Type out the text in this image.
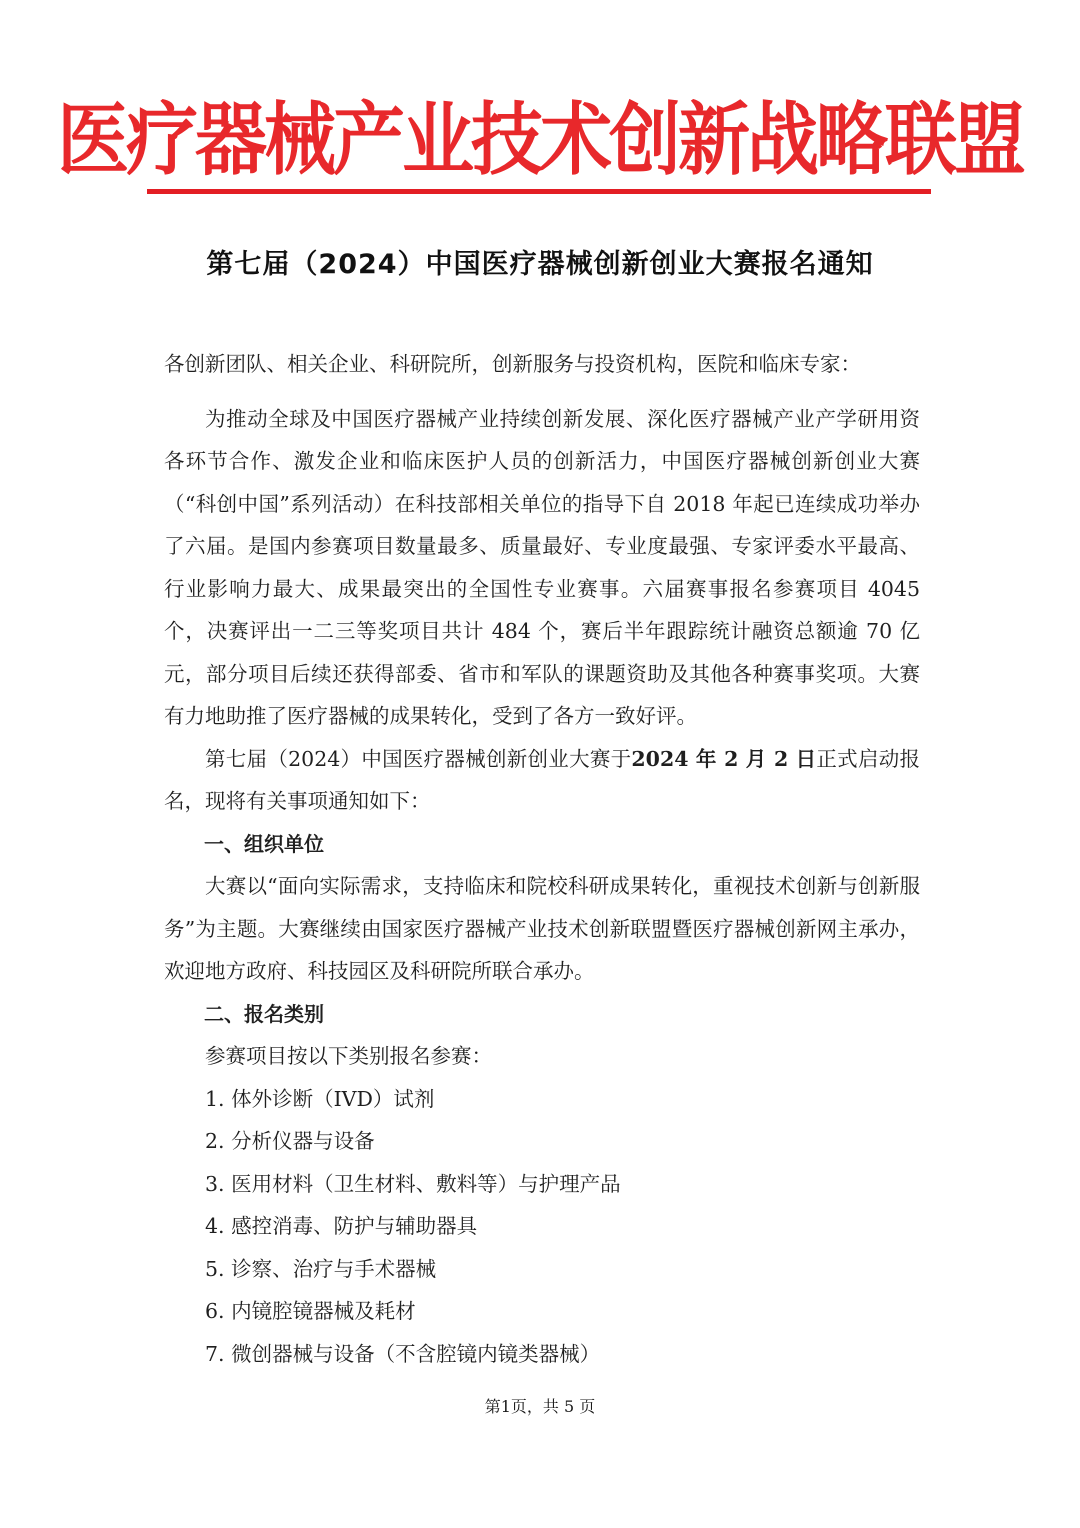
医疗器械产业技术创新战略联盟
第七届（2024）中国医疗器械创新创业大赛报名通知

各创新团队、相关企业、科研院所，创新服务与投资机构，医院和临床专家：

为推动全球及中国医疗器械产业持续创新发展、深化医疗器械产业产学研用资各环节合作、激发企业和临床医护人员的创新活力，中国医疗器械创新创业大赛（“科创中国”系列活动）在科技部相关单位的指导下自 2018 年起已连续成功举办了六届。是国内参赛项目数量最多、质量最好、专业度最强、专家评委水平最高、行业影响力最大、成果最突出的全国性专业赛事。六届赛事报名参赛项目 4045 个，决赛评出一二三等奖项目共计 484 个，赛后半年跟踪统计融资总额逾 70 亿元，部分项目后续还获得部委、省市和军队的课题资助及其他各种赛事奖项。大赛有力地助推了医疗器械的成果转化，受到了各方一致好评。

第七届（2024）中国医疗器械创新创业大赛于2024 年 2 月 2 日正式启动报名，现将有关事项通知如下：

一、组织单位

大赛以“面向实际需求，支持临床和院校科研成果转化，重视技术创新与创新服务”为主题。大赛继续由国家医疗器械产业技术创新联盟暨医疗器械创新网主承办，欢迎地方政府、科技园区及科研院所联合承办。

二、报名类别

参赛项目按以下类别报名参赛：

1. 体外诊断（IVD）试剂

2. 分析仪器与设备

3. 医用材料（卫生材料、敷料等）与护理产品

4. 感控消毒、防护与辅助器具

5. 诊察、治疗与手术器械

6. 内镜腔镜器械及耗材

7. 微创器械与设备（不含腔镜内镜类器械）

第1页，共 5 页
